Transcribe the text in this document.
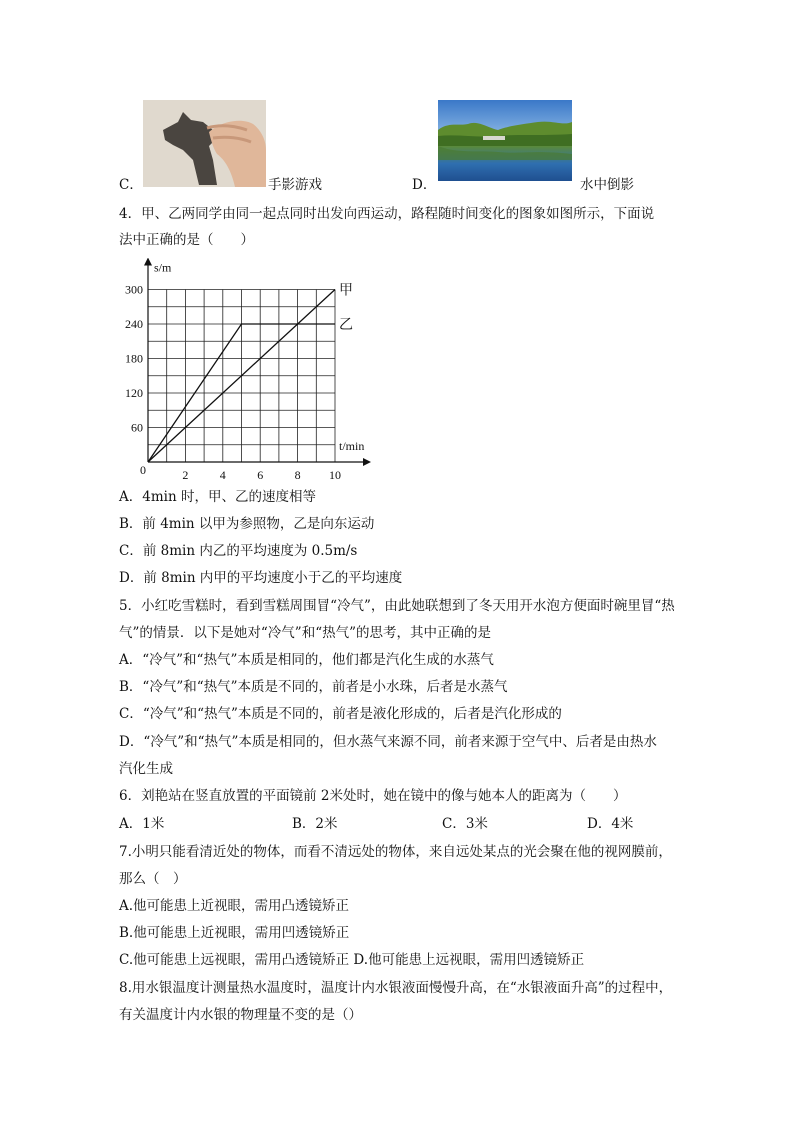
C．	手影游戏	D．	水中倒影
4．甲、乙两同学由同一起点同时出发向西运动，路程随时间变化的图象如图所示，下面说
法中正确的是（　　）
s/m
t/min
0	2	4	6	8 10
60
120
180
240
300	甲
乙
A．4min 时，甲、乙的速度相等
B．前 4min 以甲为参照物，乙是向东运动
C．前 8min 内乙的平均速度为 0.5m/s
D．前 8min 内甲的平均速度小于乙的平均速度
5．小红吃雪糕时，看到雪糕周围冒“冷气”，由此她联想到了冬天用开水泡方便面时碗里冒“热
气”的情景．以下是她对“冷气”和“热气”的思考，其中正确的是
A．“冷气”和“热气”本质是相同的，他们都是汽化生成的水蒸气
B．“冷气”和“热气”本质是不同的，前者是小水珠，后者是水蒸气
C．“冷气”和“热气”本质是不同的，前者是液化形成的，后者是汽化形成的
D．“冷气”和“热气”本质是相同的，但水蒸气来源不同，前者来源于空气中、后者是由热水
汽化生成
6．刘艳站在竖直放置的平面镜前 2米处时，她在镜中的像与她本人的距离为（　　）
A．1米	B．2米	C．3米	D．4米
7.小明只能看清近处的物体，而看不清远处的物体，来自远处某点的光会聚在他的视网膜前，
那么（　）
A.他可能患上近视眼，需用凸透镜矫正
B.他可能患上近视眼，需用凹透镜矫正
C.他可能患上远视眼，需用凸透镜矫正 D.他可能患上远视眼，需用凹透镜矫正
8.用水银温度计测量热水温度时，温度计内水银液面慢慢升高，在“水银液面升高”的过程中，
有关温度计内水银的物理量不变的是（）
